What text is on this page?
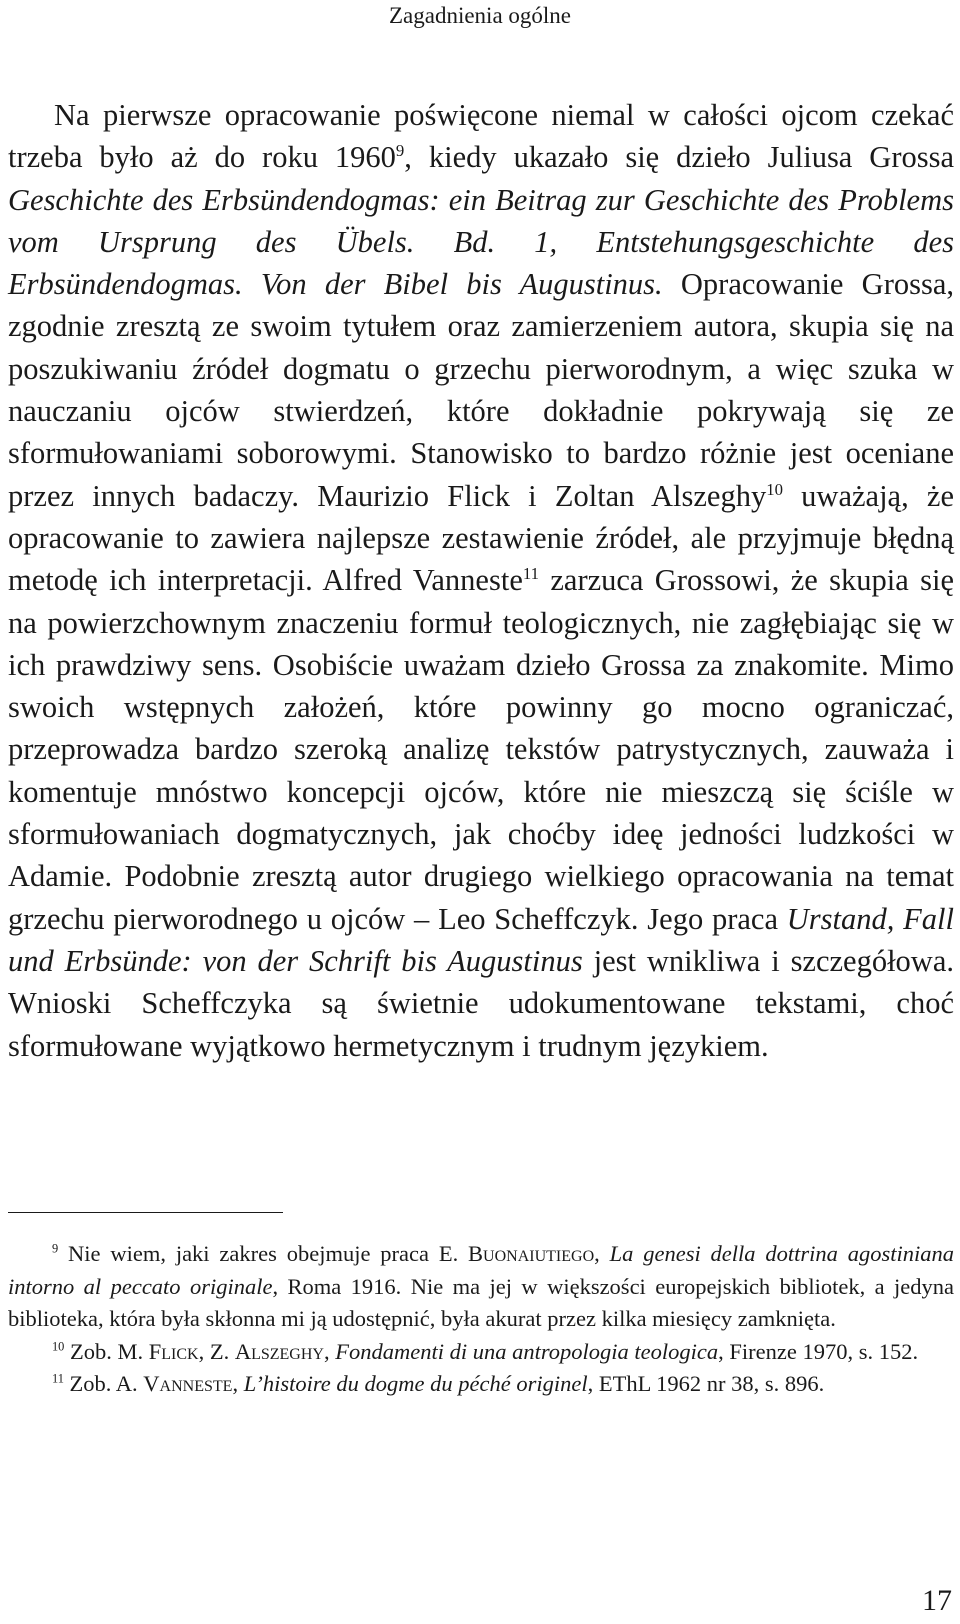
Zagadnienia ogólne

Na pierwsze opracowanie poświęcone niemal w całości ojcom czekać trzeba było aż do roku 1960$^9$, kiedy ukazało się dzieło Juliusa Grossa Geschichte des Erbsündendogmas: ein Beitrag zur Geschichte des Problems vom Ursprung des Übels. Bd. 1, Entstehungsgeschichte des Erbsündendogmas. Von der Bibel bis Augustinus. Opracowanie Grossa, zgodnie zresztą ze swoim tytułem oraz zamierzeniem autora, skupia się na poszukiwaniu źródeł dogmatu o grzechu pierworodnym, a więc szuka w nauczaniu ojców stwierdzeń, które dokładnie pokrywają się ze sformułowaniami soborowymi. Stanowisko to bardzo różnie jest oceniane przez innych badaczy. Maurizio Flick i Zoltan Alszeghy$^{10}$ uważają, że opracowanie to zawiera najlepsze zestawienie źródeł, ale przyjmuje błędną metodę ich interpretacji. Alfred Vanneste$^{11}$ zarzuca Grossowi, że skupia się na powierzchownym znaczeniu formuł teologicznych, nie zagłębiając się w ich prawdziwy sens. Osobiście uważam dzieło Grossa za znakomite. Mimo swoich wstępnych założeń, które powinny go mocno ograniczać, przeprowadza bardzo szeroką analizę tekstów patrystycznych, zauważa i komentuje mnóstwo koncepcji ojców, które nie mieszczą się ściśle w sformułowaniach dogmatycznych, jak choćby ideę jedności ludzkości w Adamie. Podobnie zresztą autor drugiego wielkiego opracowania na temat grzechu pierworodnego u ojców – Leo Scheffczyk. Jego praca Urstand, Fall und Erbsünde: von der Schrift bis Augustinus jest wnikliwa i szczegółowa. Wnioski Scheffczyka są świetnie udokumentowane tekstami, choć sformułowane wyjątkowo hermetycznym i trudnym językiem.

$^9$ Nie wiem, jaki zakres obejmuje praca E. Buonaiutiego, La genesi della dottrina agostiniana intorno al peccato originale, Roma 1916. Nie ma jej w większości europejskich bibliotek, a jedyna biblioteka, która była skłonna mi ją udostępnić, była akurat przez kilka miesięcy zamknięta.

$^{10}$ Zob. M. Flick, Z. Alszeghy, Fondamenti di una antropologia teologica, Firenze 1970, s. 152.

$^{11}$ Zob. A. Vanneste, L’histoire du dogme du péché originel, EThL 1962 nr 38, s. 896.

17
